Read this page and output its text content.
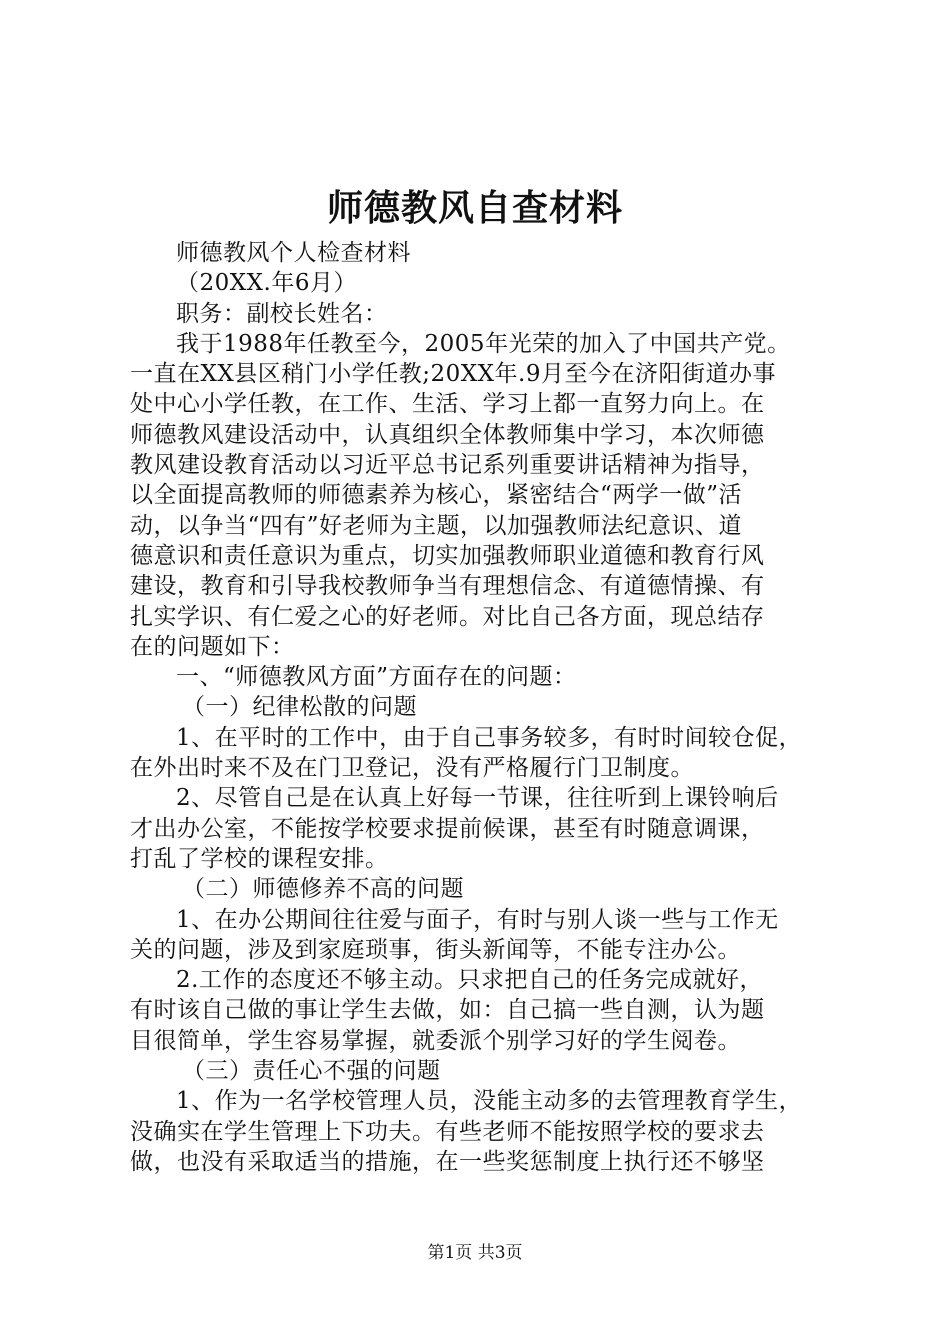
师德教风自查材料
师德教风个人检查材料
（20XX.年6月）
职务：副校长姓名：
我于1988年任教至今，2005年光荣的加入了中国共产党。
一直在XX县区稍门小学任教;20XX年.9月至今在济阳街道办事
处中心小学任教，在工作、生活、学习上都一直努力向上。在
师德教风建设活动中，认真组织全体教师集中学习，本次师德
教风建设教育活动以习近平总书记系列重要讲话精神为指导，
以全面提高教师的师德素养为核心，紧密结合“两学一做”活
动，以争当“四有”好老师为主题，以加强教师法纪意识、道
德意识和责任意识为重点，切实加强教师职业道德和教育行风
建设，教育和引导我校教师争当有理想信念、有道德情操、有
扎实学识、有仁爱之心的好老师。对比自己各方面，现总结存
在的问题如下：
一、“师德教风方面”方面存在的问题：
（一）纪律松散的问题
1、在平时的工作中，由于自己事务较多，有时时间较仓促，
在外出时来不及在门卫登记，没有严格履行门卫制度。
2、尽管自己是在认真上好每一节课，往往听到上课铃响后
才出办公室，不能按学校要求提前候课，甚至有时随意调课，
打乱了学校的课程安排。
（二）师德修养不高的问题
1、在办公期间往往爱与面子，有时与别人谈一些与工作无
关的问题，涉及到家庭琐事，街头新闻等，不能专注办公。
2.工作的态度还不够主动。只求把自己的任务完成就好，
有时该自己做的事让学生去做，如：自己搞一些自测，认为题
目很简单，学生容易掌握，就委派个别学习好的学生阅卷。
（三）责任心不强的问题
1、作为一名学校管理人员，没能主动多的去管理教育学生，
没确实在学生管理上下功夫。有些老师不能按照学校的要求去
做，也没有采取适当的措施，在一些奖惩制度上执行还不够坚
第1页 共3页
